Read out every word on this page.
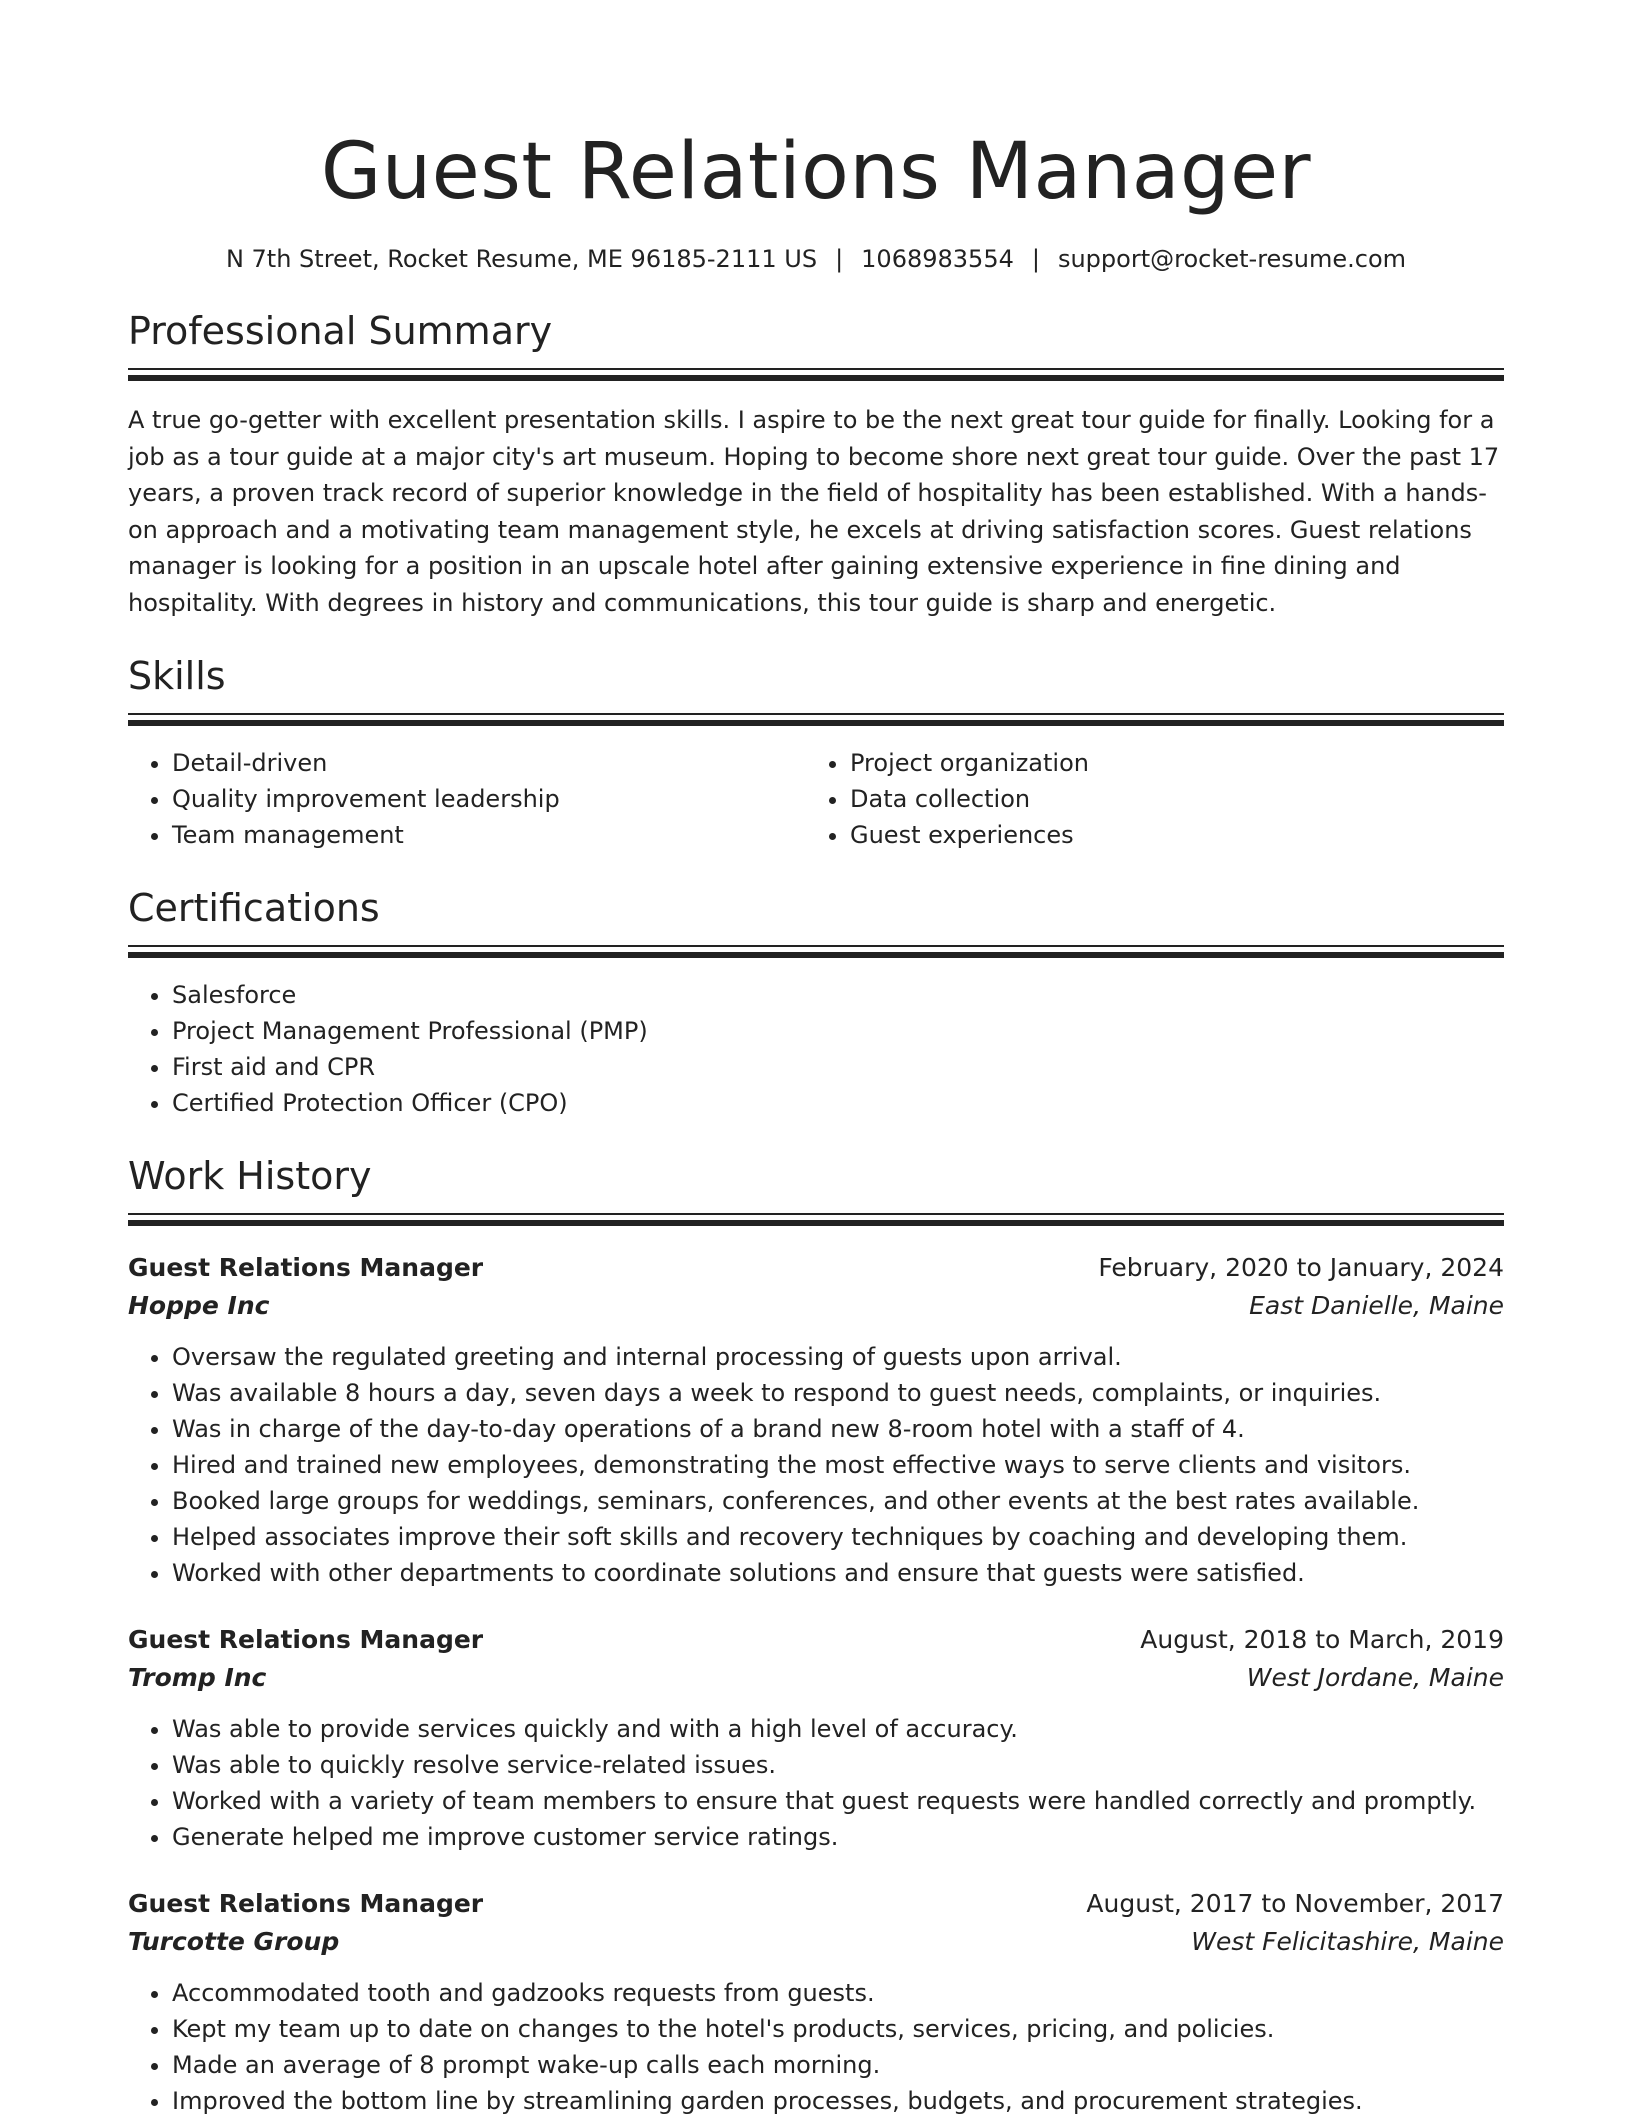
Guest Relations Manager
N 7th Street, Rocket Resume, ME 96185-2111 US | 1068983554 | support@rocket-resume.com
Professional Summary

A true go-getter with excellent presentation skills. I aspire to be the next great tour guide for finally. Looking for a job as a tour guide at a major city's art museum. Hoping to become shore next great tour guide. Over the past 17 years, a proven track record of superior knowledge in the field of hospitality has been established. With a hands-on approach and a motivating team management style, he excels at driving satisfaction scores. Guest relations manager is looking for a position in an upscale hotel after gaining extensive experience in fine dining and hospitality. With degrees in history and communications, this tour guide is sharp and energetic.

Skills
• Detail-driven
• Quality improvement leadership
• Team management
• Project organization
• Data collection
• Guest experiences
Certifications
• Salesforce
• Project Management Professional (PMP)
• First aid and CPR
• Certified Protection Officer (CPO)
Work History
Guest Relations Manager	February, 2020 to January, 2024
Hoppe Inc	East Danielle, Maine
• Oversaw the regulated greeting and internal processing of guests upon arrival.
• Was available 8 hours a day, seven days a week to respond to guest needs, complaints, or inquiries.
• Was in charge of the day-to-day operations of a brand new 8-room hotel with a staff of 4.
• Hired and trained new employees, demonstrating the most effective ways to serve clients and visitors.
• Booked large groups for weddings, seminars, conferences, and other events at the best rates available.
• Helped associates improve their soft skills and recovery techniques by coaching and developing them.
• Worked with other departments to coordinate solutions and ensure that guests were satisfied.
Guest Relations Manager	August, 2018 to March, 2019
Tromp Inc	West Jordane, Maine
• Was able to provide services quickly and with a high level of accuracy.
• Was able to quickly resolve service-related issues.
• Worked with a variety of team members to ensure that guest requests were handled correctly and promptly.
• Generate helped me improve customer service ratings.
Guest Relations Manager	August, 2017 to November, 2017
Turcotte Group	West Felicitashire, Maine
• Accommodated tooth and gadzooks requests from guests.
• Kept my team up to date on changes to the hotel's products, services, pricing, and policies.
• Made an average of 8 prompt wake-up calls each morning.
• Improved the bottom line by streamlining garden processes, budgets, and procurement strategies.
